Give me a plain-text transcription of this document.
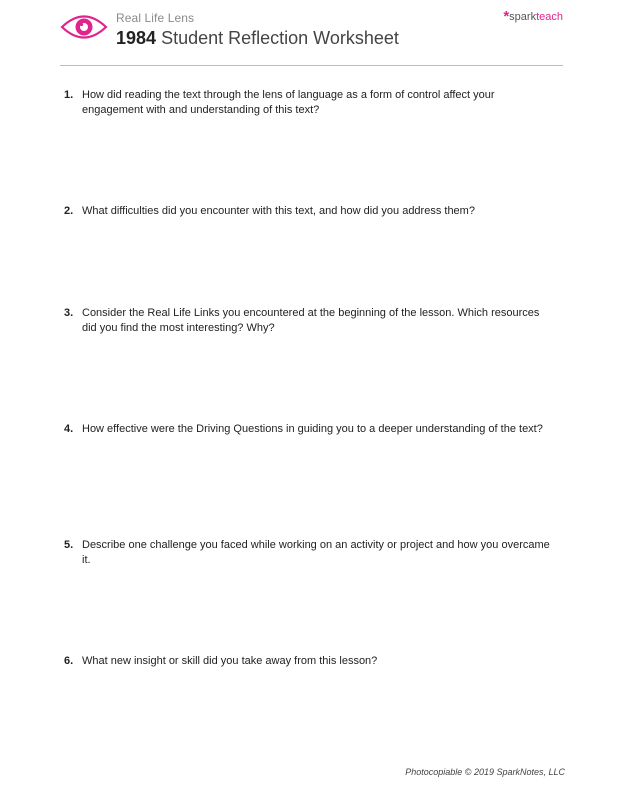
Real Life Lens
1984 Student Reflection Worksheet
*sparkteach
1. How did reading the text through the lens of language as a form of control affect your engagement with and understanding of this text?
2. What difficulties did you encounter with this text, and how did you address them?
3. Consider the Real Life Links you encountered at the beginning of the lesson. Which resources did you find the most interesting? Why?
4. How effective were the Driving Questions in guiding you to a deeper understanding of the text?
5. Describe one challenge you faced while working on an activity or project and how you overcame it.
6. What new insight or skill did you take away from this lesson?
Photocopiable © 2019 SparkNotes, LLC
